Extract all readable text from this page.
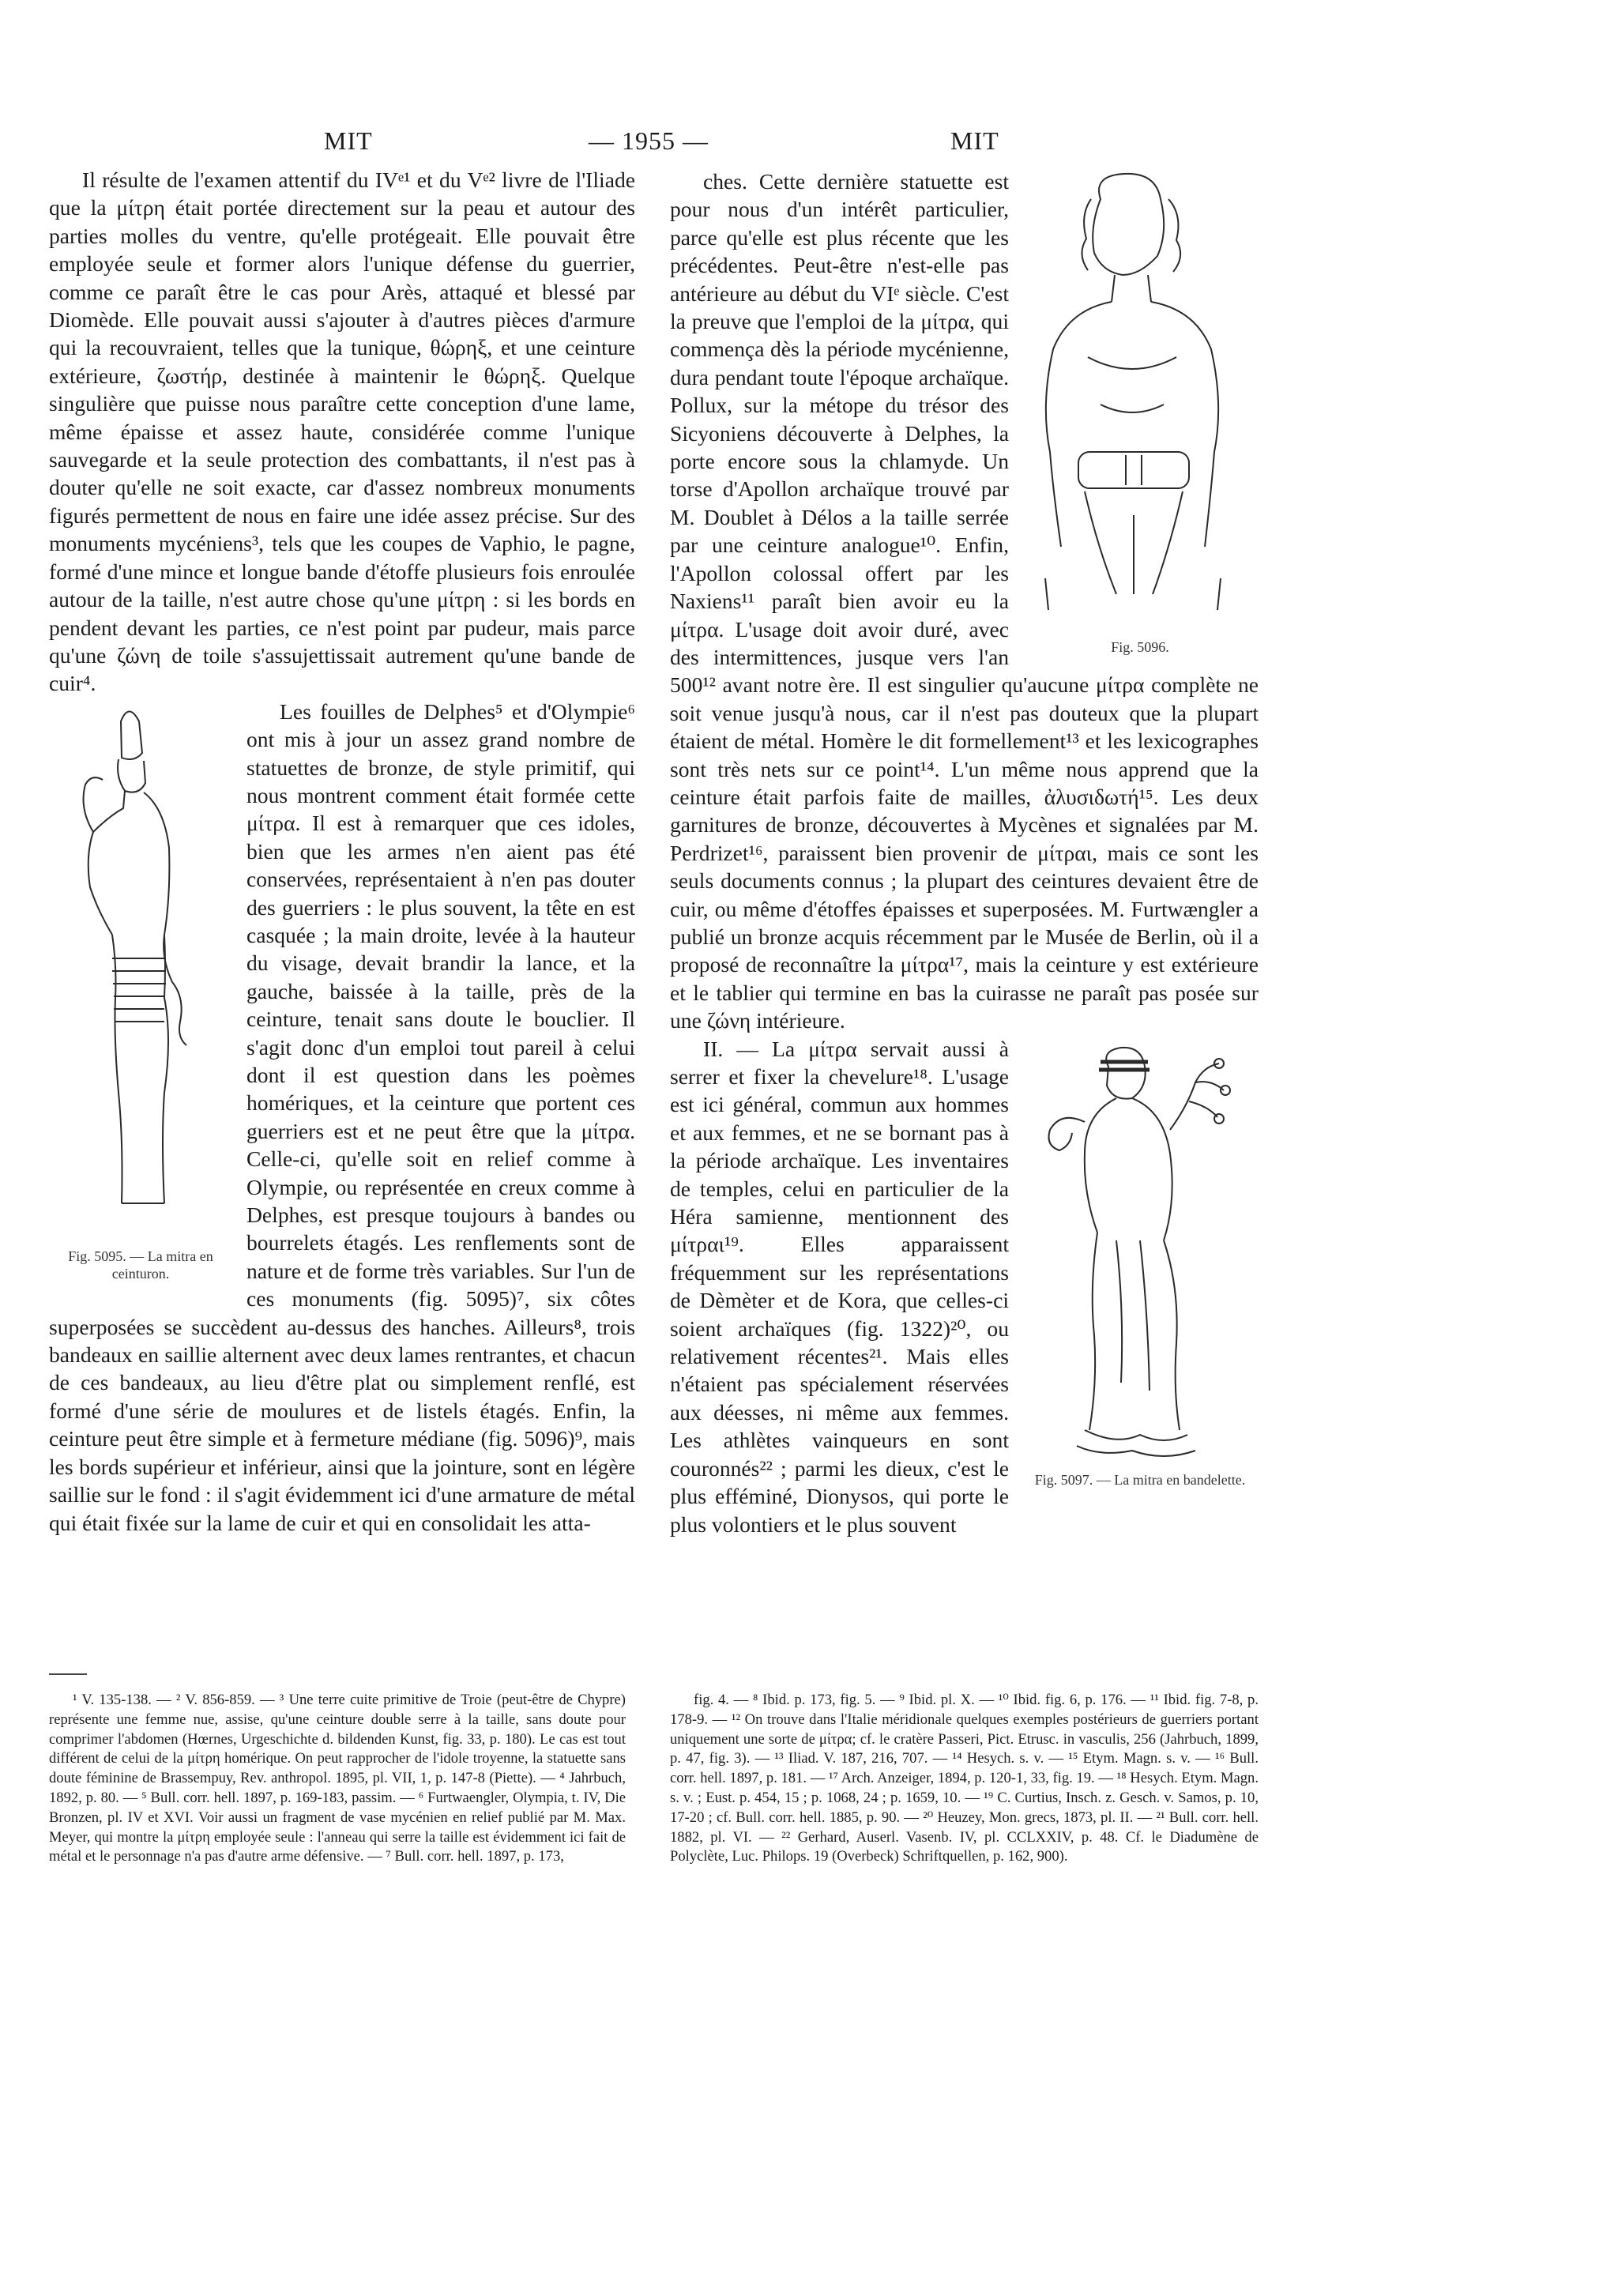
MIT	— 1955 —	MIT

Il résulte de l'examen attentif du IVᵉ¹ et du Vᵉ² livre de l'Iliade que la μίτρη était portée directement sur la peau et autour des parties molles du ventre, qu'elle protégeait. Elle pouvait être employée seule et former alors l'unique défense du guerrier, comme ce paraît être le cas pour Arès, attaqué et blessé par Diomède. Elle pouvait aussi s'ajouter à d'autres pièces d'armure qui la recouvraient, telles que la tunique, θώρηξ, et une ceinture extérieure, ζωστήρ, destinée à maintenir le θώρηξ. Quelque singulière que puisse nous paraître cette conception d'une lame, même épaisse et assez haute, considérée comme l'unique sauvegarde et la seule protection des combattants, il n'est pas à douter qu'elle ne soit exacte, car d'assez nombreux monuments figurés permettent de nous en faire une idée assez précise. Sur des monuments mycéniens³, tels que les coupes de Vaphio, le pagne, formé d'une mince et longue bande d'étoffe plusieurs fois enroulée autour de la taille, n'est autre chose qu'une μίτρη : si les bords en pendent devant les parties, ce n'est point par pudeur, mais parce qu'une ζώνη de toile s'assujettissait autrement qu'une bande de cuir⁴.

Fig. 5095. — La mitra en ceinturon.

Les fouilles de Delphes⁵ et d'Olympie⁶ ont mis à jour un assez grand nombre de statuettes de bronze, de style primitif, qui nous montrent comment était formée cette μίτρα. Il est à remarquer que ces idoles, bien que les armes n'en aient pas été conservées, représentaient à n'en pas douter des guerriers : le plus souvent, la tête en est casquée ; la main droite, levée à la hauteur du visage, devait brandir la lance, et la gauche, baissée à la taille, près de la ceinture, tenait sans doute le bouclier. Il s'agit donc d'un emploi tout pareil à celui dont il est question dans les poèmes homériques, et la ceinture que portent ces guerriers est et ne peut être que la μίτρα. Celle-ci, qu'elle soit en relief comme à Olympie, ou représentée en creux comme à Delphes, est presque toujours à bandes ou bourrelets étagés. Les renflements sont de nature et de forme très variables. Sur l'un de ces monuments (fig. 5095)⁷, six côtes superposées se succèdent au-dessus des hanches. Ailleurs⁸, trois bandeaux en saillie alternent avec deux lames rentrantes, et chacun de ces bandeaux, au lieu d'être plat ou simplement renflé, est formé d'une série de moulures et de listels étagés. Enfin, la ceinture peut être simple et à fermeture médiane (fig. 5096)⁹, mais les bords supérieur et inférieur, ainsi que la jointure, sont en légère saillie sur le fond : il s'agit évidemment ici d'une armature de métal qui était fixée sur la lame de cuir et qui en consolidait les atta-

Fig. 5096.

ches. Cette dernière statuette est pour nous d'un intérêt particulier, parce qu'elle est plus récente que les précédentes. Peut-être n'est-elle pas antérieure au début du VIᵉ siècle. C'est la preuve que l'emploi de la μίτρα, qui commença dès la période mycénienne, dura pendant toute l'époque archaïque. Pollux, sur la métope du trésor des Sicyoniens découverte à Delphes, la porte encore sous la chlamyde. Un torse d'Apollon archaïque trouvé par M. Doublet à Délos a la taille serrée par une ceinture analogue¹⁰. Enfin, l'Apollon colossal offert par les Naxiens¹¹ paraît bien avoir eu la μίτρα. L'usage doit avoir duré, avec des intermittences, jusque vers l'an 500¹² avant notre ère. Il est singulier qu'aucune μίτρα complète ne soit venue jusqu'à nous, car il n'est pas douteux que la plupart étaient de métal. Homère le dit formellement¹³ et les lexicographes sont très nets sur ce point¹⁴. L'un même nous apprend que la ceinture était parfois faite de mailles, ἀλυσιδωτή¹⁵. Les deux garnitures de bronze, découvertes à Mycènes et signalées par M. Perdrizet¹⁶, paraissent bien provenir de μίτραι, mais ce sont les seuls documents connus ; la plupart des ceintures devaient être de cuir, ou même d'étoffes épaisses et superposées. M. Furtwængler a publié un bronze acquis récemment par le Musée de Berlin, où il a proposé de reconnaître la μίτρα¹⁷, mais la ceinture y est extérieure et le tablier qui termine en bas la cuirasse ne paraît pas posée sur une ζώνη intérieure.

Fig. 5097. — La mitra en bandelette.

II. — La μίτρα servait aussi à serrer et fixer la chevelure¹⁸. L'usage est ici général, commun aux hommes et aux femmes, et ne se bornant pas à la période archaïque. Les inventaires de temples, celui en particulier de la Héra samienne, mentionnent des μίτραι¹⁹. Elles apparaissent fréquemment sur les représentations de Dèmèter et de Kora, que celles-ci soient archaïques (fig. 1322)²⁰, ou relativement récentes²¹. Mais elles n'étaient pas spécialement réservées aux déesses, ni même aux femmes. Les athlètes vainqueurs en sont couronnés²² ; parmi les dieux, c'est le plus efféminé, Dionysos, qui porte le plus volontiers et le plus souvent

¹ V. 135-138. — ² V. 856-859. — ³ Une terre cuite primitive de Troie (peut-être de Chypre) représente une femme nue, assise, qu'une ceinture double serre à la taille, sans doute pour comprimer l'abdomen (Hœrnes, Urgeschichte d. bildenden Kunst, fig. 33, p. 180). Le cas est tout différent de celui de la μίτρη homérique. On peut rapprocher de l'idole troyenne, la statuette sans doute féminine de Brassempuy, Rev. anthropol. 1895, pl. VII, 1, p. 147-8 (Piette). — ⁴ Jahrbuch, 1892, p. 80. — ⁵ Bull. corr. hell. 1897, p. 169-183, passim. — ⁶ Furtwaengler, Olympia, t. IV, Die Bronzen, pl. IV et XVI. Voir aussi un fragment de vase mycénien en relief publié par M. Max. Meyer, qui montre la μίτρη employée seule : l'anneau qui serre la taille est évidemment ici fait de métal et le personnage n'a pas d'autre arme défensive. — ⁷ Bull. corr. hell. 1897, p. 173,

fig. 4. — ⁸ Ibid. p. 173, fig. 5. — ⁹ Ibid. pl. X. — ¹⁰ Ibid. fig. 6, p. 176. — ¹¹ Ibid. fig. 7-8, p. 178-9. — ¹² On trouve dans l'Italie méridionale quelques exemples postérieurs de guerriers portant uniquement une sorte de μίτρα; cf. le cratère Passeri, Pict. Etrusc. in vasculis, 256 (Jahrbuch, 1899, p. 47, fig. 3). — ¹³ Iliad. V. 187, 216, 707. — ¹⁴ Hesych. s. v. — ¹⁵ Etym. Magn. s. v. — ¹⁶ Bull. corr. hell. 1897, p. 181. — ¹⁷ Arch. Anzeiger, 1894, p. 120-1, 33, fig. 19. — ¹⁸ Hesych. Etym. Magn. s. v. ; Eust. p. 454, 15 ; p. 1068, 24 ; p. 1659, 10. — ¹⁹ C. Curtius, Insch. z. Gesch. v. Samos, p. 10, 17-20 ; cf. Bull. corr. hell. 1885, p. 90. — ²⁰ Heuzey, Mon. grecs, 1873, pl. II. — ²¹ Bull. corr. hell. 1882, pl. VI. — ²² Gerhard, Auserl. Vasenb. IV, pl. CCLXXIV, p. 48. Cf. le Diadumène de Polyclète, Luc. Philops. 19 (Overbeck) Schriftquellen, p. 162, 900).
